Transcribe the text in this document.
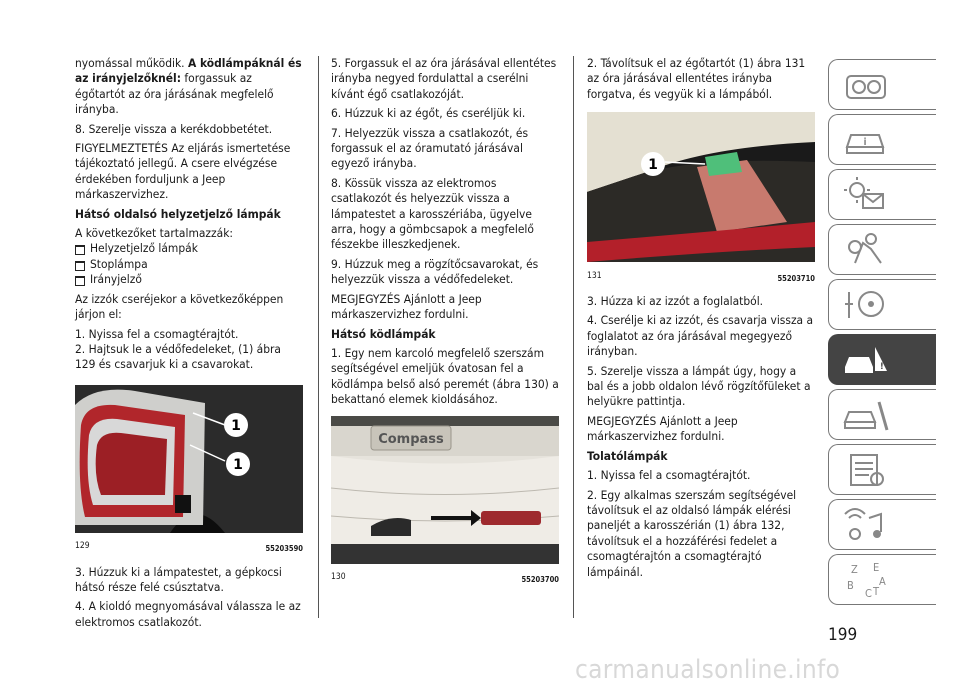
nyomással működik. A ködlámpáknál és az irányjelzőknél: forgassuk az égőtartót az óra járásának megfelelő irányba.

8. Szerelje vissza a kerékdobbetétet.

FIGYELMEZTETÉS Az eljárás ismertetése tájékoztató jellegű. A csere elvégzése érdekében forduljunk a Jeep márkaszervizhez.

Hátsó oldalsó helyzetjelző lámpák

A következőket tartalmazzák:

Helyzetjelző lámpák
Stoplámpa
Irányjelző

Az izzók cseréjekor a következőképpen járjon el:

1. Nyissa fel a csomagtérajtót.

2. Hajtsuk le a védőfedeleket, (1) ábra 129 és csavarjuk ki a csavarokat.

1
1
129	55203590

3. Húzzuk ki a lámpatestet, a gépkocsi hátsó része felé csúsztatva.

4. A kioldó megnyomásával válassza le az elektromos csatlakozót.

5. Forgassuk el az óra járásával ellentétes irányba negyed fordulattal a cserélni kívánt égő csatlakozóját.

6. Húzzuk ki az égőt, és cseréljük ki.

7. Helyezzük vissza a csatlakozót, és forgassuk el az óramutató járásával egyező irányba.

8. Kössük vissza az elektromos csatlakozót és helyezzük vissza a lámpatestet a karosszériába, ügyelve arra, hogy a gömbcsapok a megfelelő fészekbe illeszkedjenek.

9. Húzzuk meg a rögzítőcsavarokat, és helyezzük vissza a védőfedeleket.

MEGJEGYZÉS Ajánlott a Jeep márkaszervizhez fordulni.

Hátsó ködlámpák

1. Egy nem karcoló megfelelő szerszám segítségével emeljük óvatosan fel a ködlámpa belső alsó peremét (ábra 130) a bekattanó elemek kioldásához.

Compass
130	55203700

2. Távolítsuk el az égőtartót (1) ábra 131 az óra járásával ellentétes irányba forgatva, és vegyük ki a lámpából.

1
131	55203710

3. Húzza ki az izzót a foglalatból.

4. Cserélje ki az izzót, és csavarja vissza a foglalatot az óra járásával megegyező irányban.

5. Szerelje vissza a lámpát úgy, hogy a bal és a jobb oldalon lévő rögzítőfüleket a helyükre pattintja.

MEGJEGYZÉS Ajánlott a Jeep márkaszervizhez fordulni.

Tolatólámpák

1. Nyissa fel a csomagtérajtót.

2. Egy alkalmas szerszám segítségével távolítsuk el az oldalsó lámpák elérési paneljét a karosszérián (1) ábra 132, távolítsuk el a hozzáférési fedelet a csomagtérajtón a csomagtérajtó lámpáinál.

i
!
Z E
B
C T
A
199
carmanualsonline.info
